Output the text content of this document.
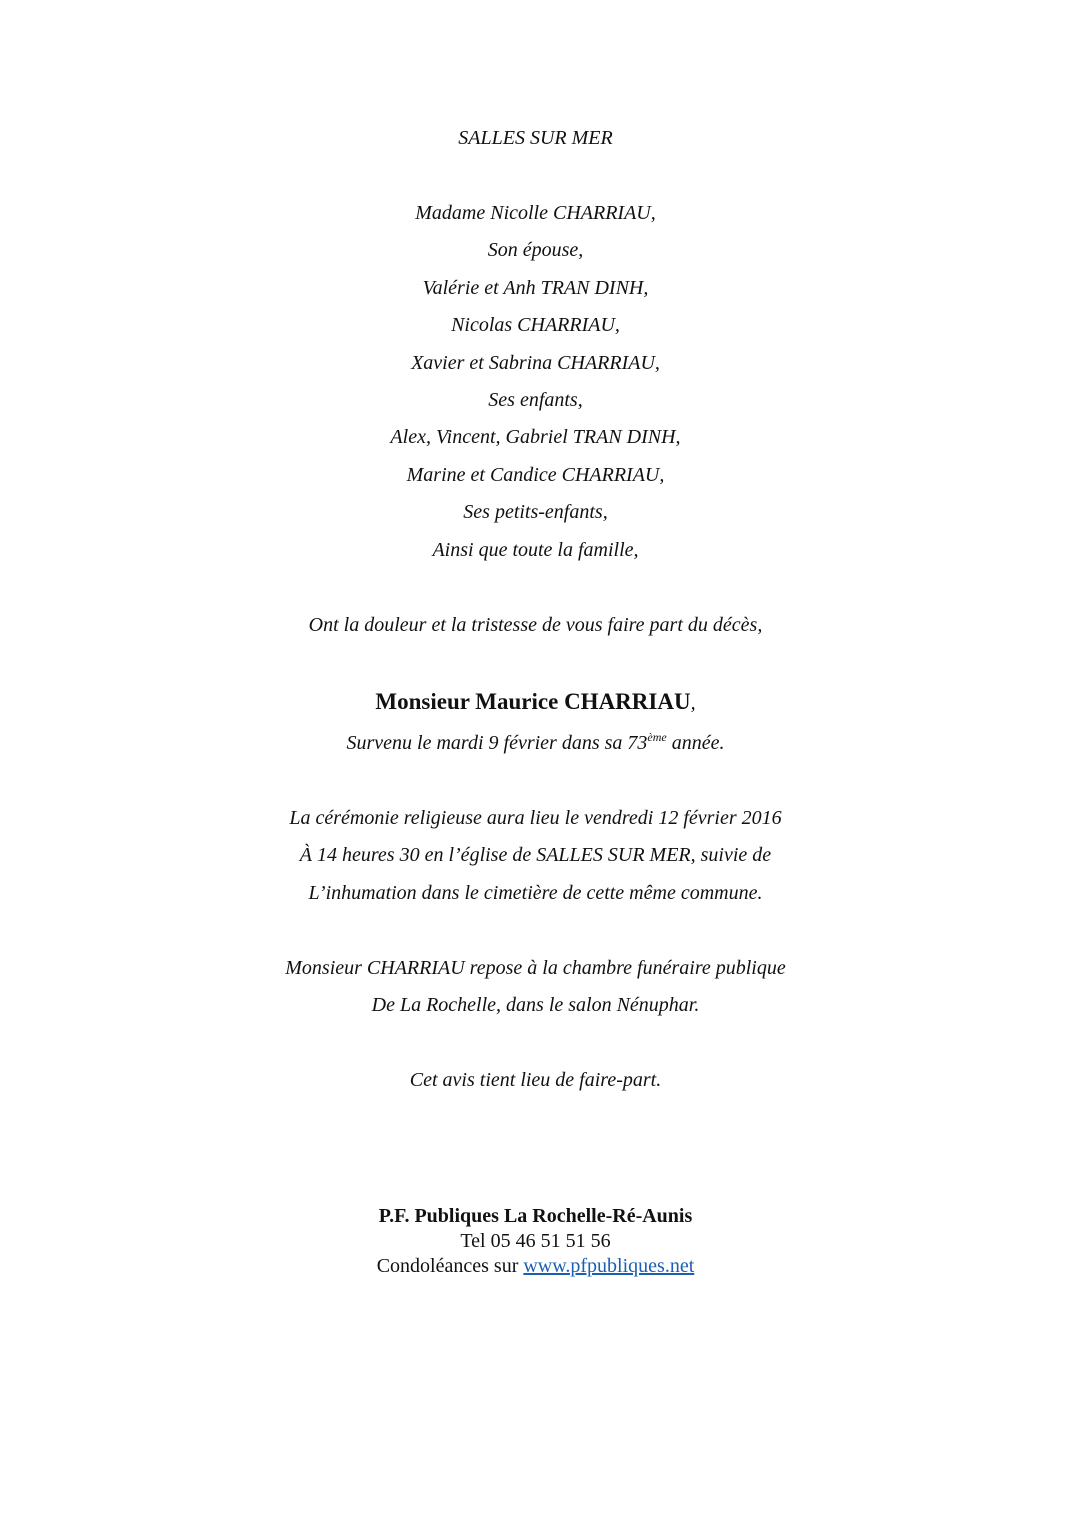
SALLES SUR MER
Madame Nicolle CHARRIAU,
Son épouse,
Valérie et Anh TRAN DINH,
Nicolas CHARRIAU,
Xavier et Sabrina CHARRIAU,
Ses enfants,
Alex, Vincent, Gabriel TRAN DINH,
Marine et Candice CHARRIAU,
Ses petits-enfants,
Ainsi que toute la famille,
Ont la douleur et la tristesse de vous faire part du décès,
Monsieur Maurice CHARRIAU,
Survenu le mardi 9 février dans sa 73ème année.
La cérémonie religieuse aura lieu le vendredi 12 février 2016
À 14 heures 30 en l’église de SALLES SUR MER, suivie de
L’inhumation dans le cimetière de cette même commune.
Monsieur CHARRIAU repose à la chambre funéraire publique
De La Rochelle, dans le salon Nénuphar.
Cet avis tient lieu de faire-part.
P.F. Publiques La Rochelle-Ré-Aunis
Tel 05 46 51 51 56
Condoléances sur www.pfpubliques.net
